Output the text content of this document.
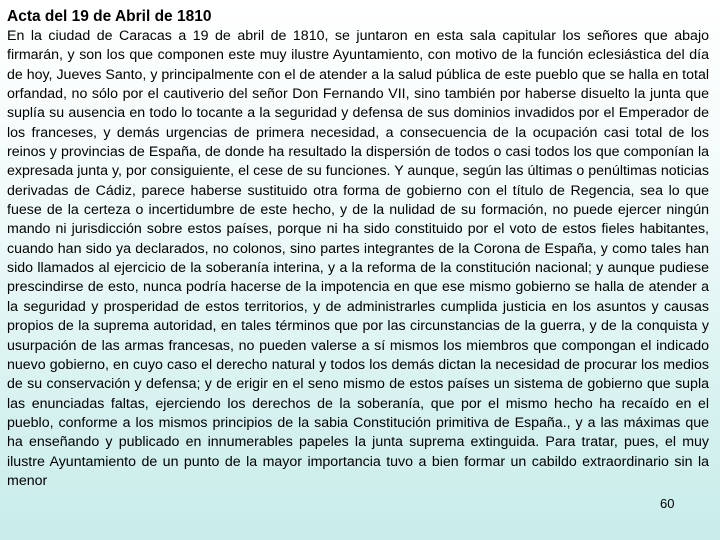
Acta del 19 de Abril de 1810
En la ciudad de Caracas a 19 de abril de 1810, se juntaron en esta sala capitular los señores que abajo firmarán, y son los que componen este muy ilustre Ayuntamiento, con motivo de la función eclesiástica del día de hoy, Jueves Santo, y principalmente con el de atender a la salud pública de este pueblo que se halla en total orfandad, no sólo por el cautiverio del señor Don Fernando VII, sino también por haberse disuelto la junta que suplía su ausencia en todo lo tocante a la seguridad y defensa de sus dominios invadidos por el Emperador de los franceses, y demás urgencias de primera necesidad, a consecuencia de la ocupación casi total de los reinos y provincias de España, de donde ha resultado la dispersión de todos o casi todos los que componían la expresada junta y, por consiguiente, el cese de su funciones. Y aunque, según las últimas o penúltimas noticias derivadas de Cádiz, parece haberse sustituido otra forma de gobierno con el título de Regencia, sea lo que fuese de la certeza o incertidumbre de este hecho, y de la nulidad de su formación, no puede ejercer ningún mando ni jurisdicción sobre estos países, porque ni ha sido constituido por el voto de estos fieles habitantes, cuando han sido ya declarados, no colonos, sino partes integrantes de la Corona de España, y como tales han sido llamados al ejercicio de la soberanía interina, y a la reforma de la constitución nacional; y aunque pudiese prescindirse de esto, nunca podría hacerse de la impotencia en que ese mismo gobierno se halla de atender a la seguridad y prosperidad de estos territorios, y de administrarles cumplida justicia en los asuntos y causas propios de la suprema autoridad, en tales términos que por las circunstancias de la guerra, y de la conquista y usurpación de las armas francesas, no pueden valerse a sí mismos los miembros que compongan el indicado nuevo gobierno, en cuyo caso el derecho natural y todos los demás dictan la necesidad de procurar los medios de su conservación y defensa; y de erigir en el seno mismo de estos países un sistema de gobierno que supla las enunciadas faltas, ejerciendo los derechos de la soberanía, que por el mismo hecho ha recaído en el pueblo, conforme a los mismos principios de la sabia Constitución primitiva de España., y a las máximas que ha enseñando y publicado en innumerables papeles la junta suprema extinguida. Para tratar, pues, el muy ilustre Ayuntamiento de un punto de la mayor importancia tuvo a bien formar un cabildo extraordinario sin la menor
60
